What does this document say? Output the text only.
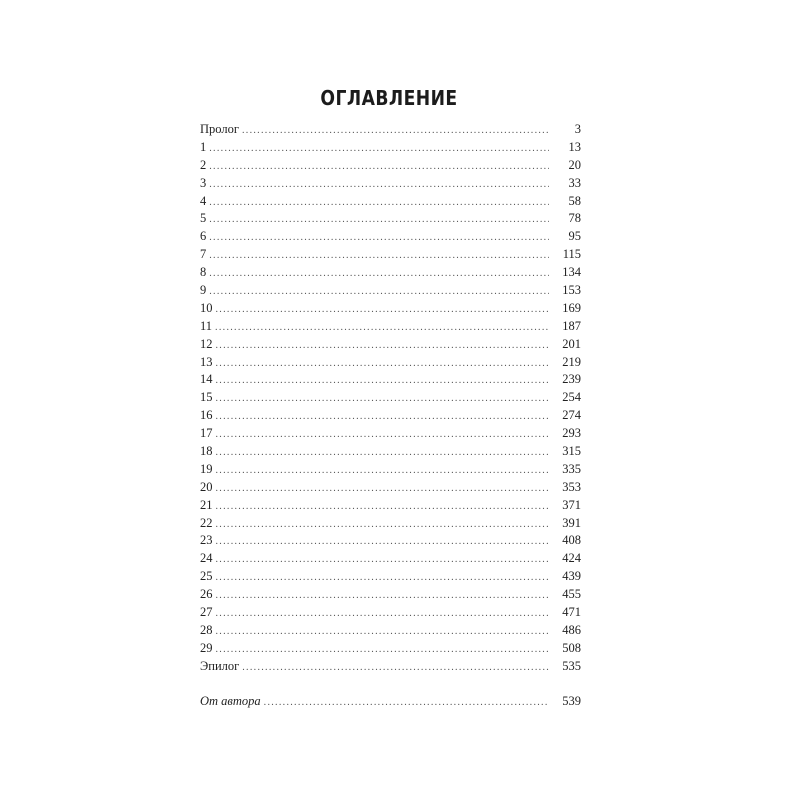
ОГЛАВЛЕНИЕ
Пролог . . .	3
1 . . .	13
2 . . .	20
3 . . .	33
4 . . .	58
5 . . .	78
6 . . .	95
7 . . .	115
8 . . .	134
9 . . .	153
10 . . .	169
11 . . .	187
12 . . .	201
13 . . .	219
14 . . .	239
15 . . .	254
16 . . .	274
17 . . .	293
18 . . .	315
19 . . .	335
20 . . .	353
21 . . .	371
22 . . .	391
23 . . .	408
24 . . .	424
25 . . .	439
26 . . .	455
27 . . .	471
28 . . .	486
29 . . .	508
Эпилог . . .	535
От автора . . .	539
